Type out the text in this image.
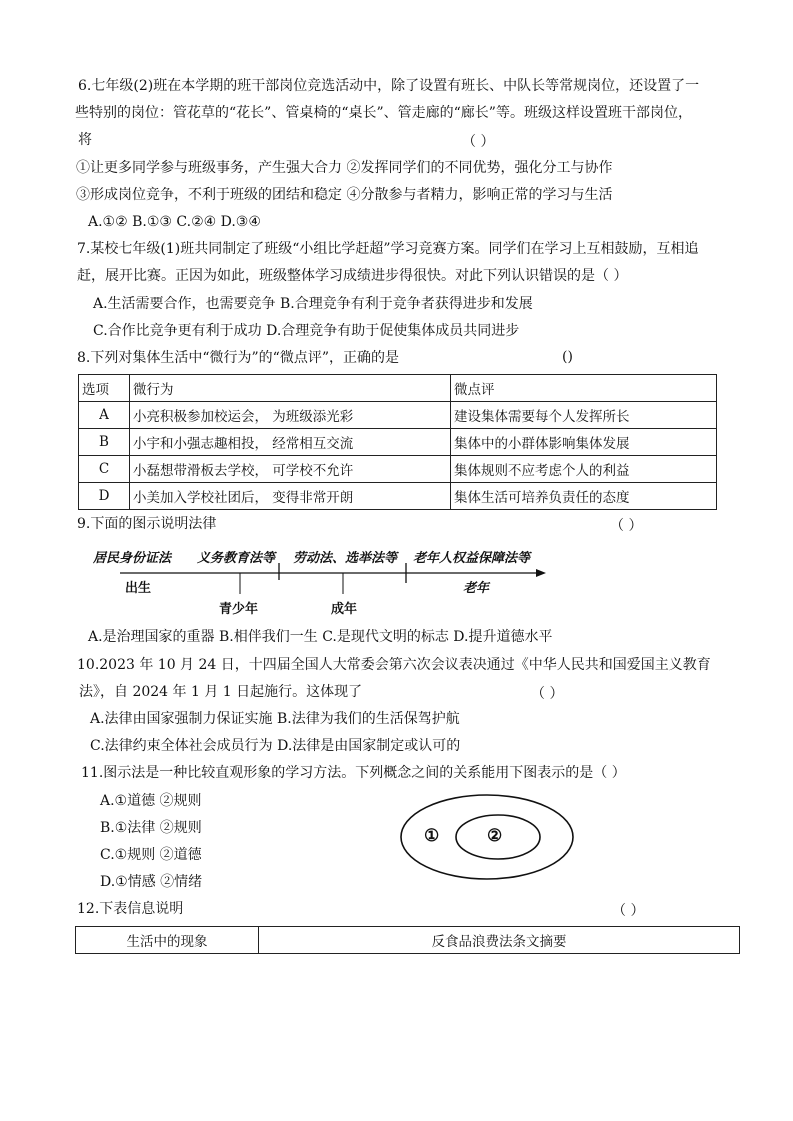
6.七年级(2)班在本学期的班干部岗位竞选活动中，除了设置有班长、中队长等常规岗位，还设置了一
些特别的岗位：管花草的“花长”、管桌椅的“桌长”、管走廊的“廊长”等。班级这样设置班干部岗位，
将	（ ）
①让更多同学参与班级事务，产生强大合力 ②发挥同学们的不同优势，强化分工与协作
③形成岗位竞争，不利于班级的团结和稳定 ④分散参与者精力，影响正常的学习与生活
A.①② B.①③ C.②④ D.③④
7.某校七年级(1)班共同制定了班级“小组比学赶超”学习竞赛方案。同学们在学习上互相鼓励，互相追
赶，展开比赛。正因为如此，班级整体学习成绩进步得很快。对此下列认识错误的是（ ）
A.生活需要合作，也需要竞争 B.合理竞争有利于竞争者获得进步和发展
C.合作比竞争更有利于成功 D.合理竞争有助于促使集体成员共同进步
8.下列对集体生活中“微行为”的“微点评”，正确的是	()
选项	微行为	微点评
A	小亮积极参加校运会， 为班级添光彩	建设集体需要每个人发挥所长
B	小宇和小强志趣相投， 经常相互交流	集体中的小群体影响集体发展
C	小磊想带滑板去学校， 可学校不允许	集体规则不应考虑个人的利益
D	小美加入学校社团后， 变得非常开朗	集体生活可培养负责任的态度
9.下面的图示说明法律	（ ）
居民身份证法 义务教育法等 劳动法、选举法等 老年人权益保障法等
出生	老年
青少年	成年
A.是治理国家的重器 B.相伴我们一生 C.是现代文明的标志 D.提升道德水平
10.2023 年 10 月 24 日，十四届全国人大常委会第六次会议表决通过《中华人民共和国爱国主义教育
法》，自 2024 年 1 月 1 日起施行。这体现了	（ ）
A.法律由国家强制力保证实施 B.法律为我们的生活保驾护航
C.法律约束全体社会成员行为 D.法律是由国家制定或认可的
11.图示法是一种比较直观形象的学习方法。下列概念之间的关系能用下图表示的是（ ）
A.①道德 ②规则
B.①法律 ②规则
C.①规则 ②道德
D.①情感 ②情绪
①	②
12.下表信息说明	（ ）
生活中的现象	反食品浪费法条文摘要
